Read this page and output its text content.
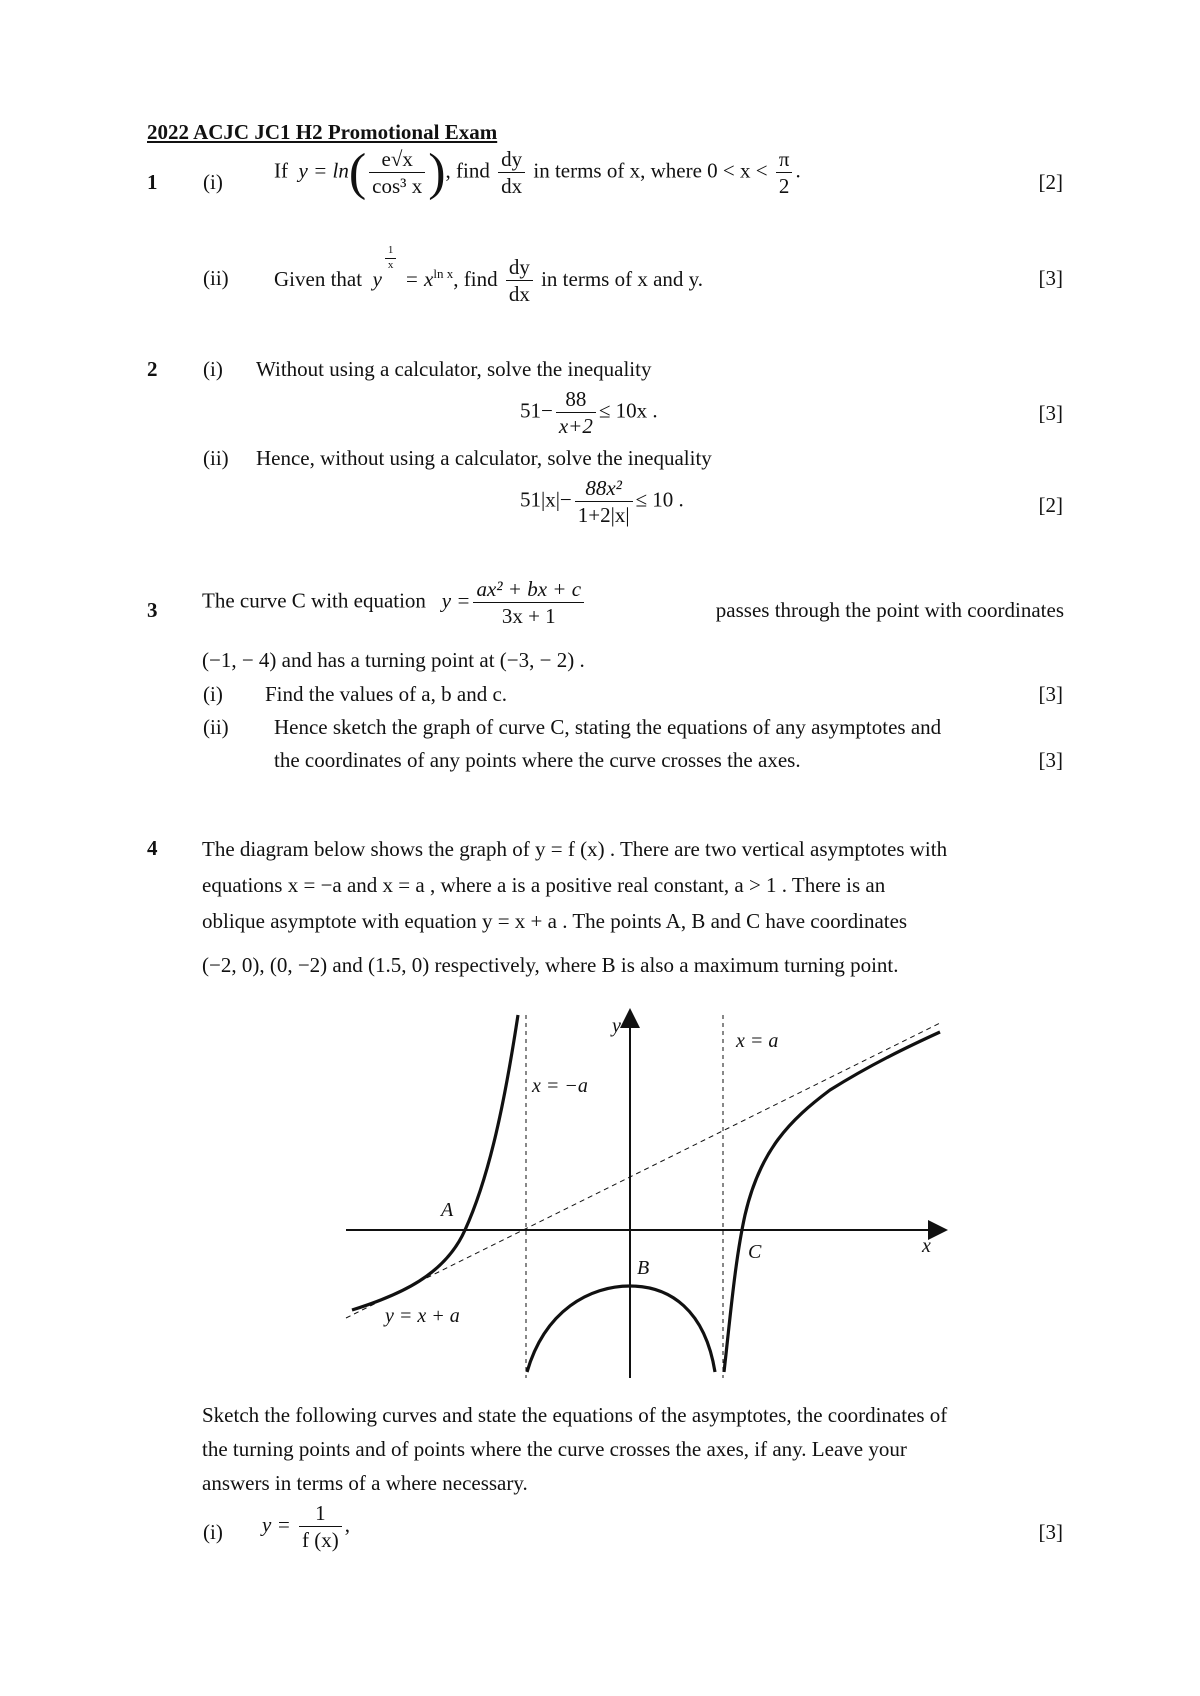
2022 ACJC JC1 H2 Promotional Exam
1 (i) If $y = \ln( \frac{e√x}{\text{cos³ x}}$ ), find $\frac{dy}{dx}$ in terms of x, where $0 < x < \frac{\pi}{2}$ .	[2]
(ii) Given that y
$\frac{1}{x}$
= $x^{ln x}$, find $\frac{dy}{dx}$ in terms of x and y.	[3]
2 (i) Without using a calculator, solve the inequality
$51- \frac{88}{x+2} \le 10x$ .	[3]
(ii) Hence, without using a calculator, solve the inequality
$51|x|- \frac{\text{88x²}}{1+2|x|} \le 10$ .	[2]
3 The curve C with equation $y = \frac{\text{ax² + bx + c}}{3x + 1}$	passes through the point with coordinates
(−1, − 4) and has a turning point at (−3, − 2) .
(i) Find the values of a, b and c.	[3]
(ii) Hence sketch the graph of curve C, stating the equations of any asymptotes and
the coordinates of any points where the curve crosses the axes.	[3]
4 The diagram below shows the graph of y = f (x) . There are two vertical asymptotes with
equations x = −a and x = a , where a is a positive real constant, a > 1 . There is an
oblique asymptote with equation y = x + a . The points A, B and C have coordinates
(−2, 0), (0, −2) and (1.5, 0) respectively, where B is also a maximum turning point.
y
x
x = a
x = −a
A
B
C
y = x + a
Sketch the following curves and state the equations of the asymptotes, the coordinates of
the turning points and of points where the curve crosses the axes, if any. Leave your
answers in terms of a where necessary.
(i) $y = \frac{1}{f (x)}$ ,	[3]
